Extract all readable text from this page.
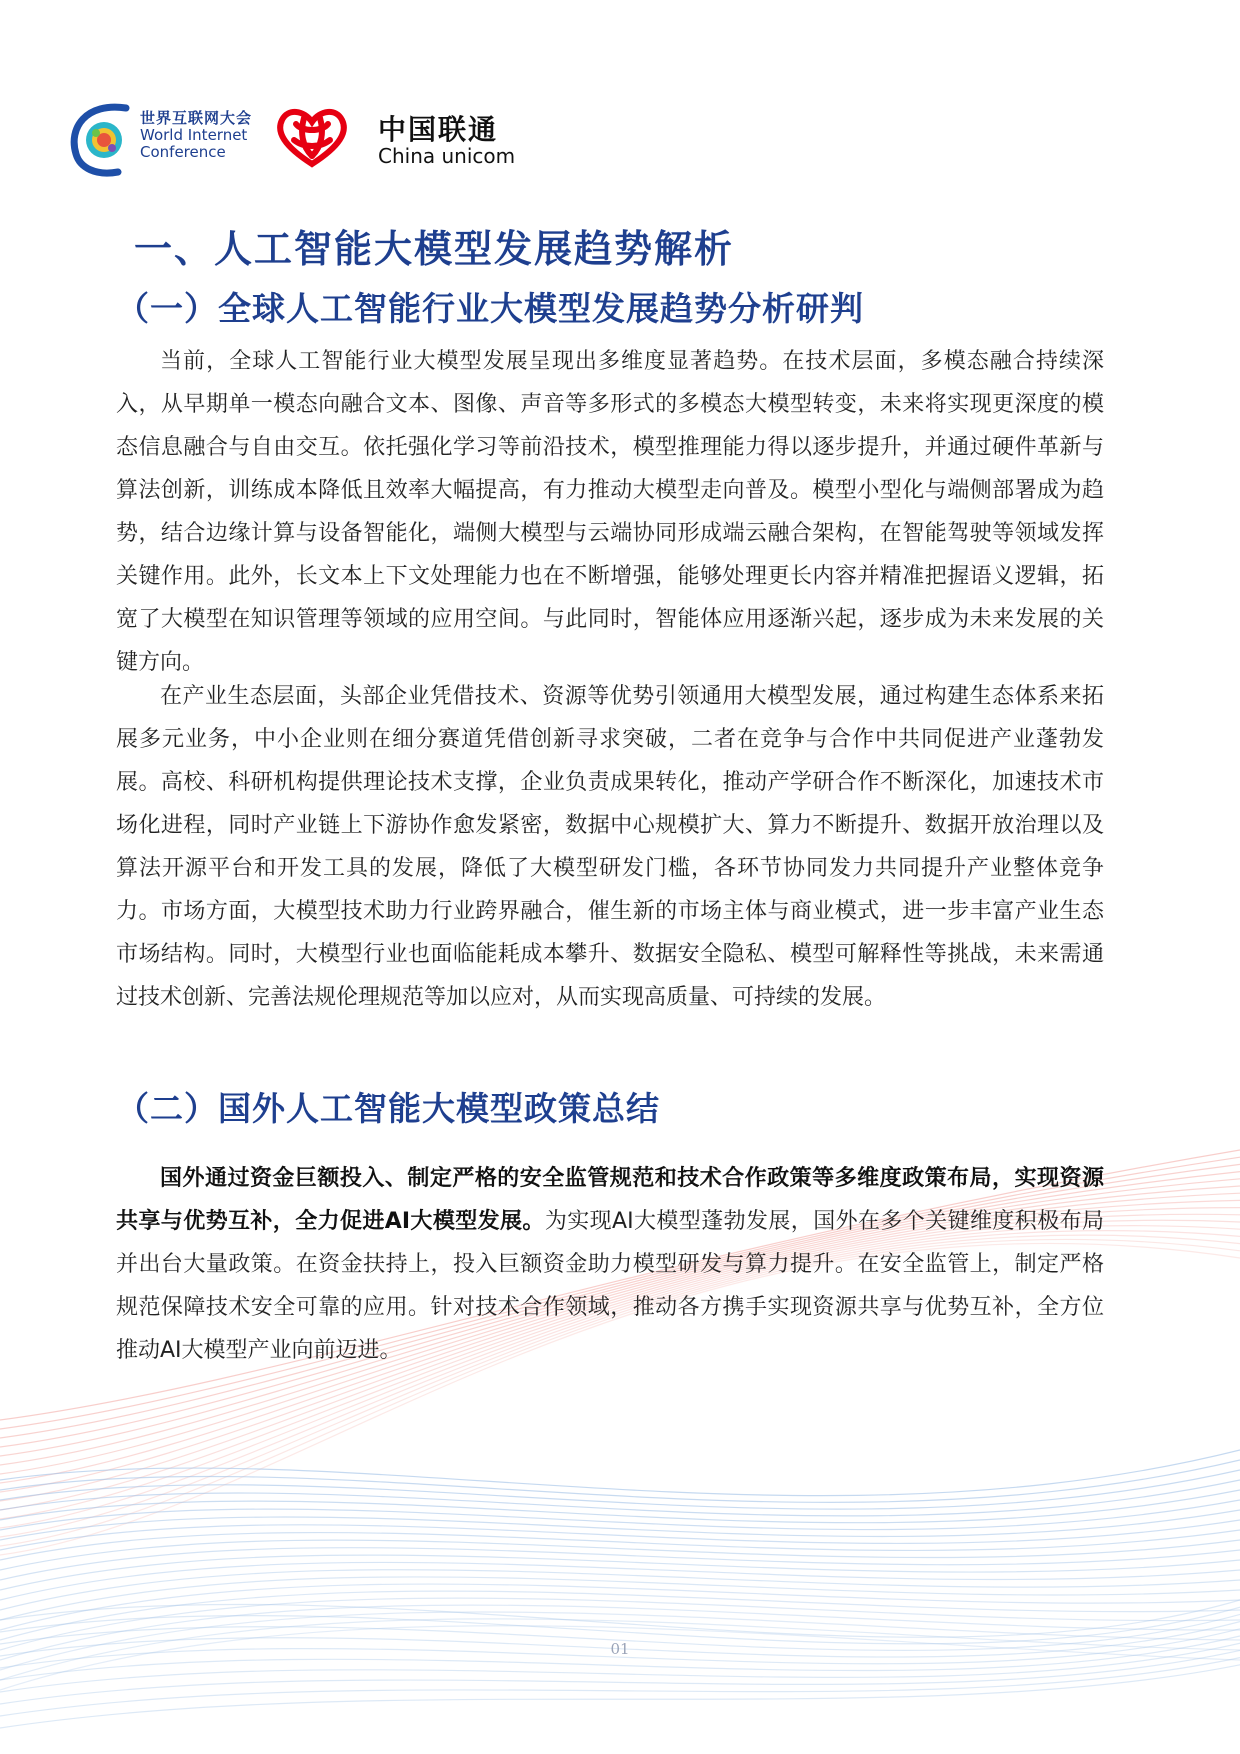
世界互联网大会
World Internet
Conference
中国联通
China unicom
一、人工智能大模型发展趋势解析
（一）全球人工智能行业大模型发展趋势分析研判

当前，全球人工智能行业大模型发展呈现出多维度显著趋势。在技术层面，多模态融合持续深入，从早期单一模态向融合文本、图像、声音等多形式的多模态大模型转变，未来将实现更深度的模态信息融合与自由交互。依托强化学习等前沿技术，模型推理能力得以逐步提升，并通过硬件革新与算法创新，训练成本降低且效率大幅提高，有力推动大模型走向普及。模型小型化与端侧部署成为趋势，结合边缘计算与设备智能化，端侧大模型与云端协同形成端云融合架构，在智能驾驶等领域发挥关键作用。此外，长文本上下文处理能力也在不断增强，能够处理更长内容并精准把握语义逻辑，拓宽了大模型在知识管理等领域的应用空间。与此同时，智能体应用逐渐兴起，逐步成为未来发展的关键方向。

在产业生态层面，头部企业凭借技术、资源等优势引领通用大模型发展，通过构建生态体系来拓展多元业务，中小企业则在细分赛道凭借创新寻求突破，二者在竞争与合作中共同促进产业蓬勃发展。高校、科研机构提供理论技术支撑，企业负责成果转化，推动产学研合作不断深化，加速技术市场化进程，同时产业链上下游协作愈发紧密，数据中心规模扩大、算力不断提升、数据开放治理以及算法开源平台和开发工具的发展，降低了大模型研发门槛，各环节协同发力共同提升产业整体竞争力。市场方面，大模型技术助力行业跨界融合，催生新的市场主体与商业模式，进一步丰富产业生态市场结构。同时，大模型行业也面临能耗成本攀升、数据安全隐私、模型可解释性等挑战，未来需通过技术创新、完善法规伦理规范等加以应对，从而实现高质量、可持续的发展。

（二）国外人工智能大模型政策总结

国外通过资金巨额投入、制定严格的安全监管规范和技术合作政策等多维度政策布局，实现资源共享与优势互补，全力促进AI大模型发展。为实现AI大模型蓬勃发展，国外在多个关键维度积极布局并出台大量政策。在资金扶持上，投入巨额资金助力模型研发与算力提升。在安全监管上，制定严格规范保障技术安全可靠的应用。针对技术合作领域，推动各方携手实现资源共享与优势互补，全方位推动AI大模型产业向前迈进。

01
